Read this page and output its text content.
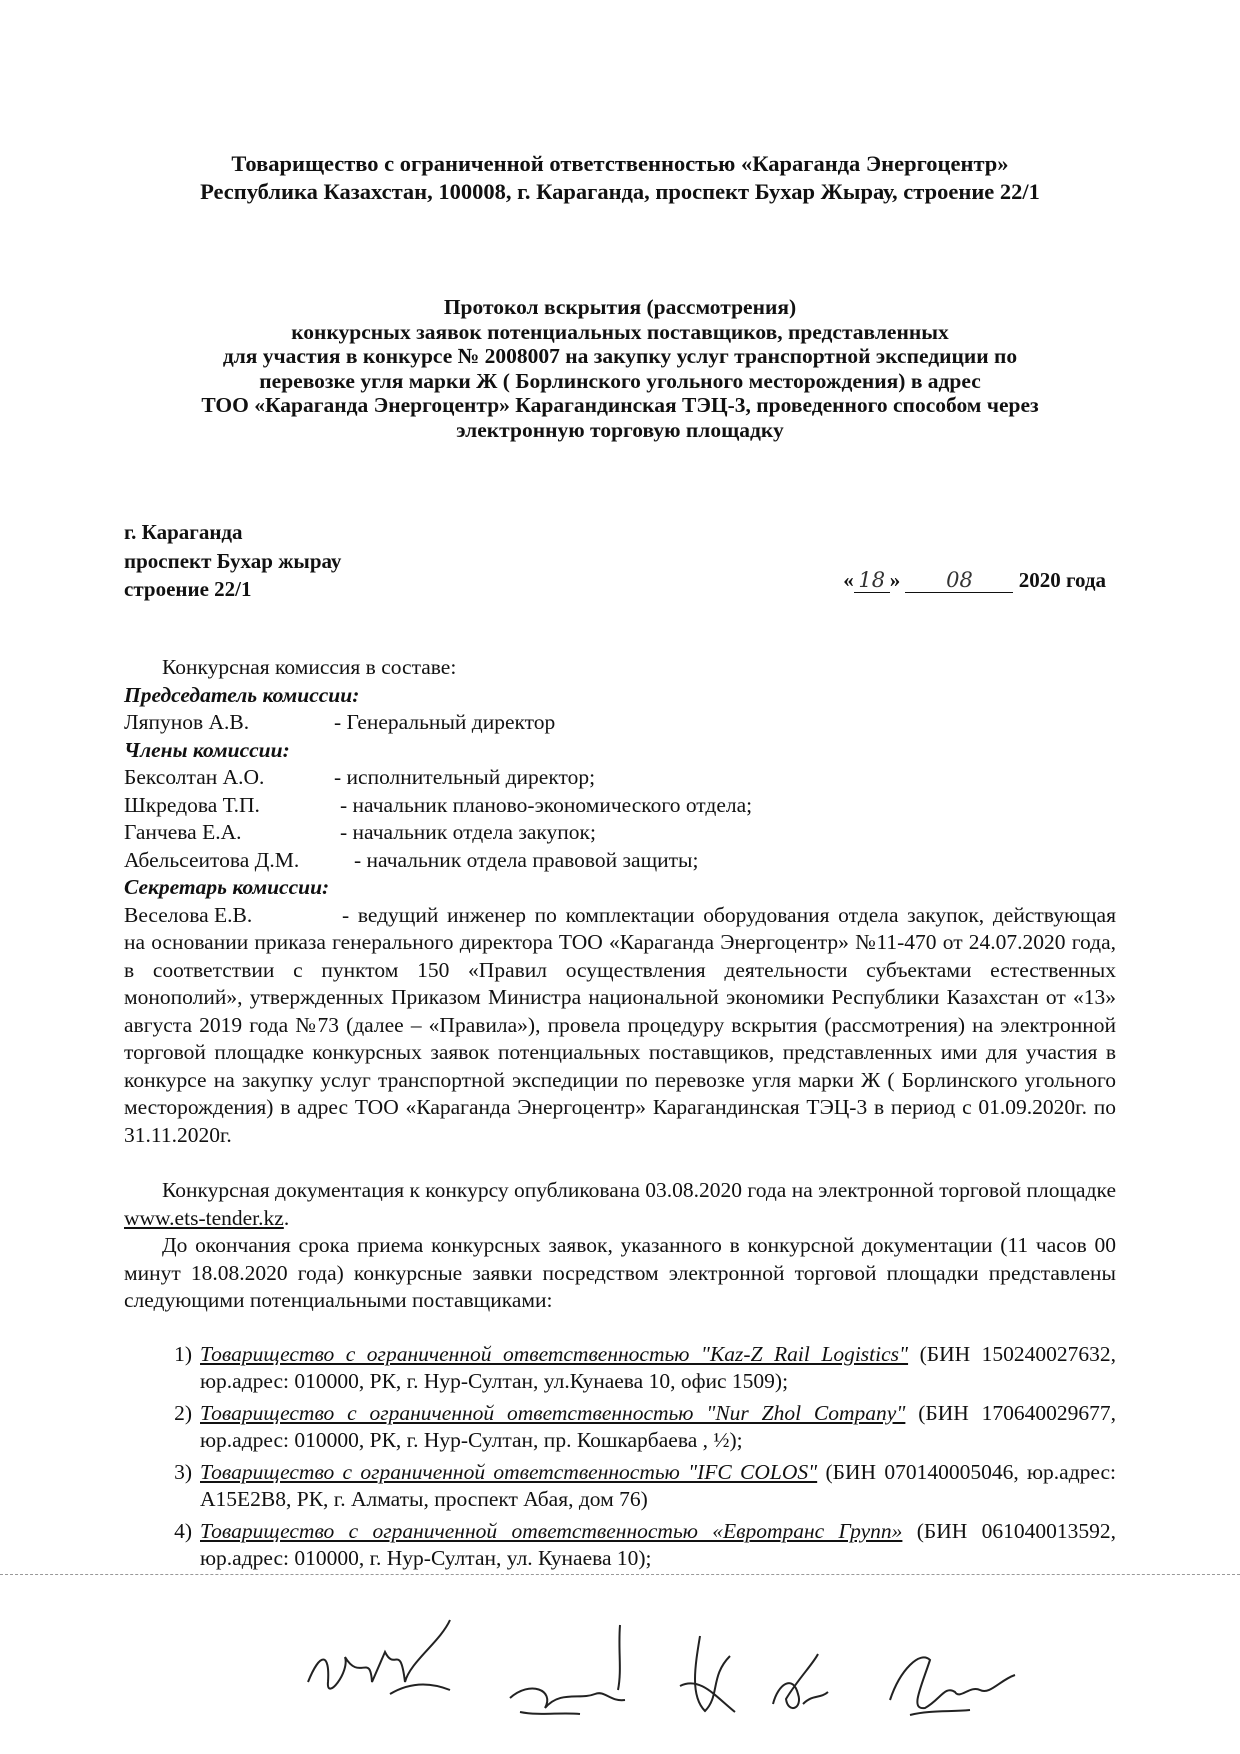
Товарищество с ограниченной ответственностью «Караганда Энергоцентр»
Республика Казахстан, 100008, г. Караганда, проспект Бухар Жырау, строение 22/1
Протокол вскрытия (рассмотрения)
конкурсных заявок потенциальных поставщиков, представленных
для участия в конкурсе № 2008007 на закупку услуг транспортной экспедиции по
перевозке угля марки Ж ( Борлинского угольного месторождения) в адрес
ТОО «Караганда Энергоцентр» Карагандинская ТЭЦ-3, проведенного способом через
электронную торговую площадку
г. Караганда
проспект Бухар жырау
строение 22/1	« 18 » 08 2020 года

Конкурсная комиссия в составе:

Председатель комиссии:

Ляпунов А.В.	- Генеральный директор

Члены комиссии:

Бексолтан А.О.	- исполнительный директор;

Шкредова Т.П.	- начальник планово-экономического отдела;

Ганчева Е.А.	- начальник отдела закупок;

Абельсеитова Д.М.	- начальник отдела правовой защиты;

Секретарь комиссии:

Веселова Е.В.	- ведущий инженер по комплектации оборудования отдела закупок, действующая на основании приказа генерального директора ТОО «Караганда Энергоцентр» №11-470 от 24.07.2020 года, в соответствии с пунктом 150 «Правил осуществления деятельности субъектами естественных монополий», утвержденных Приказом Министра национальной экономики Республики Казахстан от «13» августа 2019 года №73 (далее – «Правила»), провела процедуру вскрытия (рассмотрения) на электронной торговой площадке конкурсных заявок потенциальных поставщиков, представленных ими для участия в конкурсе на закупку услуг транспортной экспедиции по перевозке угля марки Ж ( Борлинского угольного месторождения) в адрес ТОО «Караганда Энергоцентр» Карагандинская ТЭЦ-3 в период с 01.09.2020г. по 31.11.2020г.

Конкурсная документация к конкурсу опубликована 03.08.2020 года на электронной торговой площадке www.ets-tender.kz.

До окончания срока приема конкурсных заявок, указанного в конкурсной документации (11 часов 00 минут 18.08.2020 года) конкурсные заявки посредством электронной торговой площадки представлены следующими потенциальными поставщиками:

1) Товарищество с ограниченной ответственностью "Kaz-Z Rail Logistics" (БИН 150240027632, юр.адрес: 010000, РК, г. Нур-Султан, ул.Кунаева 10, офис 1509);
2) Товарищество с ограниченной ответственностью "Nur Zhol Company" (БИН 170640029677, юр.адрес: 010000, РК, г. Нур-Султан, пр. Кошкарбаева , ½);
3) Товарищество с ограниченной ответственностью "IFC COLOS" (БИН 070140005046, юр.адрес: A15E2B8, РК, г. Алматы, проспект Абая, дом 76)
4) Товарищество с ограниченной ответственностью «Евротранс Групп» (БИН 061040013592, юр.адрес: 010000, г. Нур-Султан, ул. Кунаева 10);
